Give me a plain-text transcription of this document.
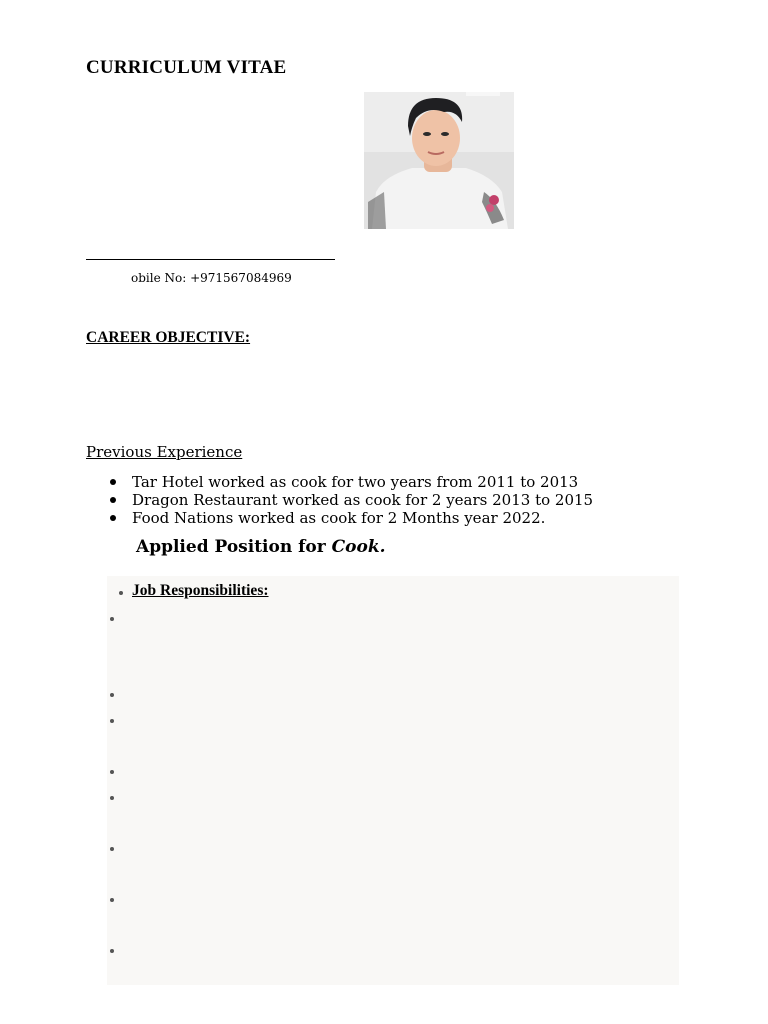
CURRICULUM VITAE
obile No: +971567084969
CAREER OBJECTIVE:
Previous Experience
Tar Hotel worked as cook for two years from 2011 to 2013
Dragon Restaurant worked as cook for 2 years 2013 to 2015
Food Nations worked as cook for 2 Months year 2022.
Applied Position for Cook.
Job Responsibilities:
